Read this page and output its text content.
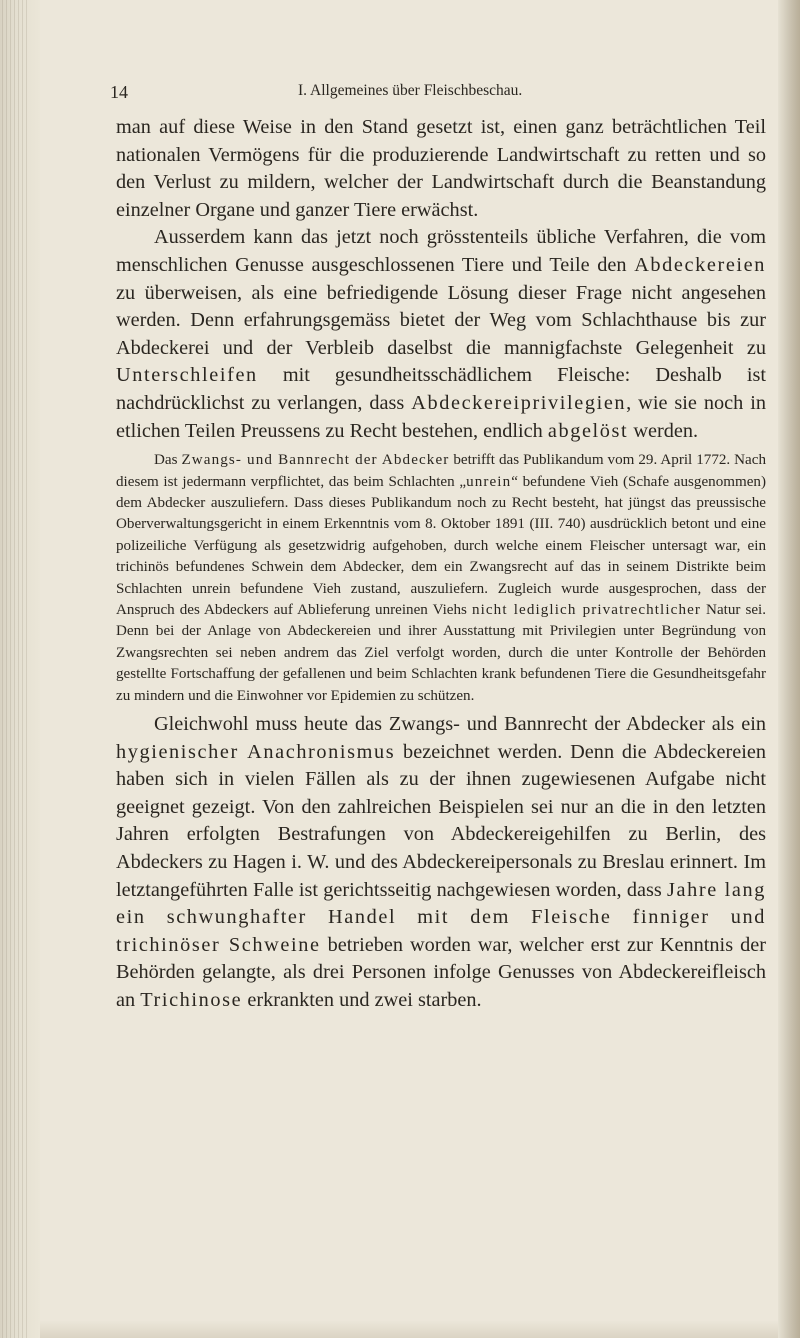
14	I. Allgemeines über Fleischbeschau.

man auf diese Weise in den Stand gesetzt ist, einen ganz beträchtlichen Teil nationalen Vermögens für die produzierende Landwirtschaft zu retten und so den Verlust zu mildern, welcher der Landwirtschaft durch die Beanstandung einzelner Organe und ganzer Tiere erwächst.

Ausserdem kann das jetzt noch grösstenteils übliche Verfahren, die vom menschlichen Genusse ausgeschlossenen Tiere und Teile den Abdeckereien zu überweisen, als eine befriedigende Lösung dieser Frage nicht angesehen werden. Denn erfahrungsgemäss bietet der Weg vom Schlachthause bis zur Abdeckerei und der Verbleib daselbst die mannigfachste Gelegenheit zu Unterschleifen mit gesundheitsschädlichem Fleische: Deshalb ist nachdrücklichst zu verlangen, dass Abdeckereiprivilegien, wie sie noch in etlichen Teilen Preussens zu Recht bestehen, endlich abgelöst werden.

Das Zwangs- und Bannrecht der Abdecker betrifft das Publikandum vom 29. April 1772. Nach diesem ist jedermann verpflichtet, das beim Schlachten „unrein“ befundene Vieh (Schafe ausgenommen) dem Abdecker auszuliefern. Dass dieses Publikandum noch zu Recht besteht, hat jüngst das preussische Oberverwaltungsgericht in einem Erkenntnis vom 8. Oktober 1891 (III. 740) ausdrücklich betont und eine polizeiliche Verfügung als gesetzwidrig aufgehoben, durch welche einem Fleischer untersagt war, ein trichinös befundenes Schwein dem Abdecker, dem ein Zwangsrecht auf das in seinem Distrikte beim Schlachten unrein befundene Vieh zustand, auszuliefern. Zugleich wurde ausgesprochen, dass der Anspruch des Abdeckers auf Ablieferung unreinen Viehs nicht lediglich privatrechtlicher Natur sei. Denn bei der Anlage von Abdeckereien und ihrer Ausstattung mit Privilegien unter Begründung von Zwangsrechten sei neben andrem das Ziel verfolgt worden, durch die unter Kontrolle der Behörden gestellte Fortschaffung der gefallenen und beim Schlachten krank befundenen Tiere die Gesundheitsgefahr zu mindern und die Einwohner vor Epidemien zu schützen.

Gleichwohl muss heute das Zwangs- und Bannrecht der Abdecker als ein hygienischer Anachronismus bezeichnet werden. Denn die Abdeckereien haben sich in vielen Fällen als zu der ihnen zugewiesenen Aufgabe nicht geeignet gezeigt. Von den zahlreichen Beispielen sei nur an die in den letzten Jahren erfolgten Bestrafungen von Abdeckereigehilfen zu Berlin, des Abdeckers zu Hagen i. W. und des Abdeckereipersonals zu Breslau erinnert. Im letztangeführten Falle ist gerichtsseitig nachgewiesen worden, dass Jahre lang ein schwunghafter Handel mit dem Fleische finniger und trichinöser Schweine betrieben worden war, welcher erst zur Kenntnis der Behörden gelangte, als drei Personen infolge Genusses von Abdeckereifleisch an Trichinose erkrankten und zwei starben.
